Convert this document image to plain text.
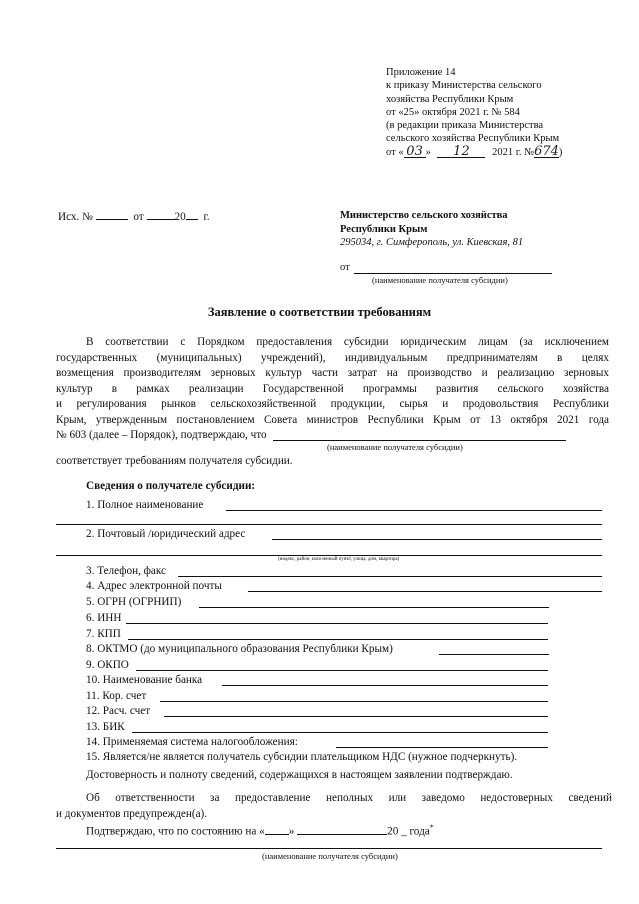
Приложение 14
к приказу Министерства сельского
хозяйства Республики Крым
от «25» октября 2021 г. № 584
(в редакции приказа Министерства
сельского хозяйства Республики Крым
от « 03 » 12 2021 г. №674)
Исх. №	от	20 г.	Министерство сельского хозяйства
Республики Крым
295034, г. Симферополь, ул. Киевская, 81
от
(наименование получателя субсидии)
Заявление о соответствии требованиям
В соответствии с Порядком предоставления субсидии юридическим лицам (за исключением
государственных (муниципальных) учреждений), индивидуальным предпринимателям в целях
возмещения производителям зерновых культур части затрат на производство и реализацию зерновых
культур в рамках реализации Государственной программы развития сельского хозяйства
и регулирования рынков сельскохозяйственной продукции, сырья и продовольствия Республики
Крым, утвержденным постановлением Совета министров Республики Крым от 13 октября 2021 года
№ 603 (далее – Порядок), подтверждаю, что
(наименование получателя субсидии)
соответствует требованиям получателя субсидии.
Сведения о получателе субсидии:
1. Полное наименование
2. Почтовый /юридический адрес
(индекс, район, населенный пункт, улица, дом, квартира)
3. Телефон, факс
4. Адрес электронной почты
5. ОГРН (ОГРНИП)
6. ИНН
7. КПП
8. ОКТМО (до муниципального образования Республики Крым)
9. ОКПО
10. Наименование банка
11. Кор. счет
12. Расч. счет
13. БИК
14. Применяемая система налогообложения:
15. Является/не является получатель субсидии плательщиком НДС (нужное подчеркнуть).
Достоверность и полноту сведений, содержащихся в настоящем заявлении подтверждаю.
Об ответственности за предоставление неполных или заведомо недостоверных сведений
и документов предупрежден(а).
Подтверждаю, что по состоянию на « »	20 _ года*
(наименование получателя субсидии)
